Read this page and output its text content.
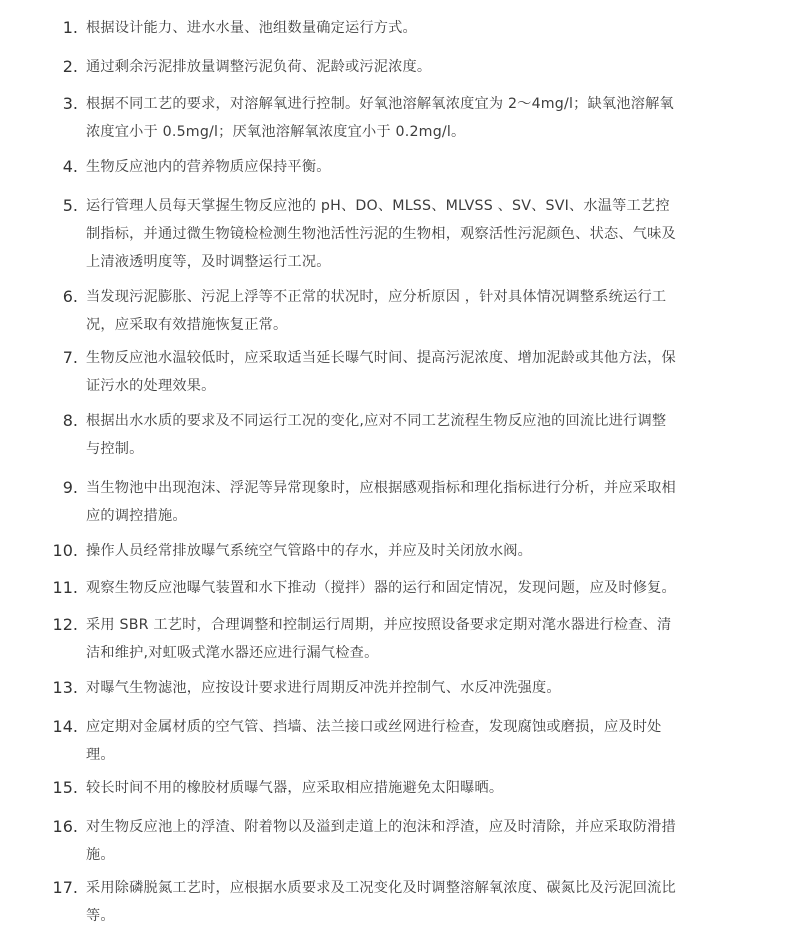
1. 根据设计能力、进水水量、池组数量确定运行方式。
2. 通过剩余污泥排放量调整污泥负荷、泥龄或污泥浓度。
3. 根据不同工艺的要求，对溶解氧进行控制。好氧池溶解氧浓度宜为 2～4mg/l；缺氧池溶解氧
浓度宜小于 0.5mg/l；厌氧池溶解氧浓度宜小于 0.2mg/l。
4. 生物反应池内的营养物质应保持平衡。
5. 运行管理人员每天掌握生物反应池的 pH、DO、MLSS、MLVSS 、SV、SVI、水温等工艺控
制指标，并通过微生物镜检检测生物池活性污泥的生物相，观察活性污泥颜色、状态、气味及
上清液透明度等，及时调整运行工况。
6. 当发现污泥膨胀、污泥上浮等不正常的状况时，应分析原因 ，针对具体情况调整系统运行工
况，应采取有效措施恢复正常。
7. 生物反应池水温较低时，应采取适当延长曝气时间、提高污泥浓度、增加泥龄或其他方法，保
证污水的处理效果。
8. 根据出水水质的要求及不同运行工况的变化,应对不同工艺流程生物反应池的回流比进行调整
与控制。
9. 当生物池中出现泡沫、浮泥等异常现象时，应根据感观指标和理化指标进行分析，并应采取相
应的调控措施。
10. 操作人员经常排放曝气系统空气管路中的存水，并应及时关闭放水阀。
11. 观察生物反应池曝气装置和水下推动（搅拌）器的运行和固定情况，发现问题，应及时修复。
12. 采用 SBR 工艺时，合理调整和控制运行周期，并应按照设备要求定期对滗水器进行检查、清
洁和维护,对虹吸式滗水器还应进行漏气检查。
13. 对曝气生物滤池，应按设计要求进行周期反冲洗并控制气、水反冲洗强度。
14. 应定期对金属材质的空气管、挡墙、法兰接口或丝网进行检查，发现腐蚀或磨损，应及时处
理。
15. 较长时间不用的橡胶材质曝气器，应采取相应措施避免太阳曝晒。
16. 对生物反应池上的浮渣、附着物以及溢到走道上的泡沫和浮渣，应及时清除，并应采取防滑措
施。
17. 采用除磷脱氮工艺时，应根据水质要求及工况变化及时调整溶解氧浓度、碳氮比及污泥回流比
等。
